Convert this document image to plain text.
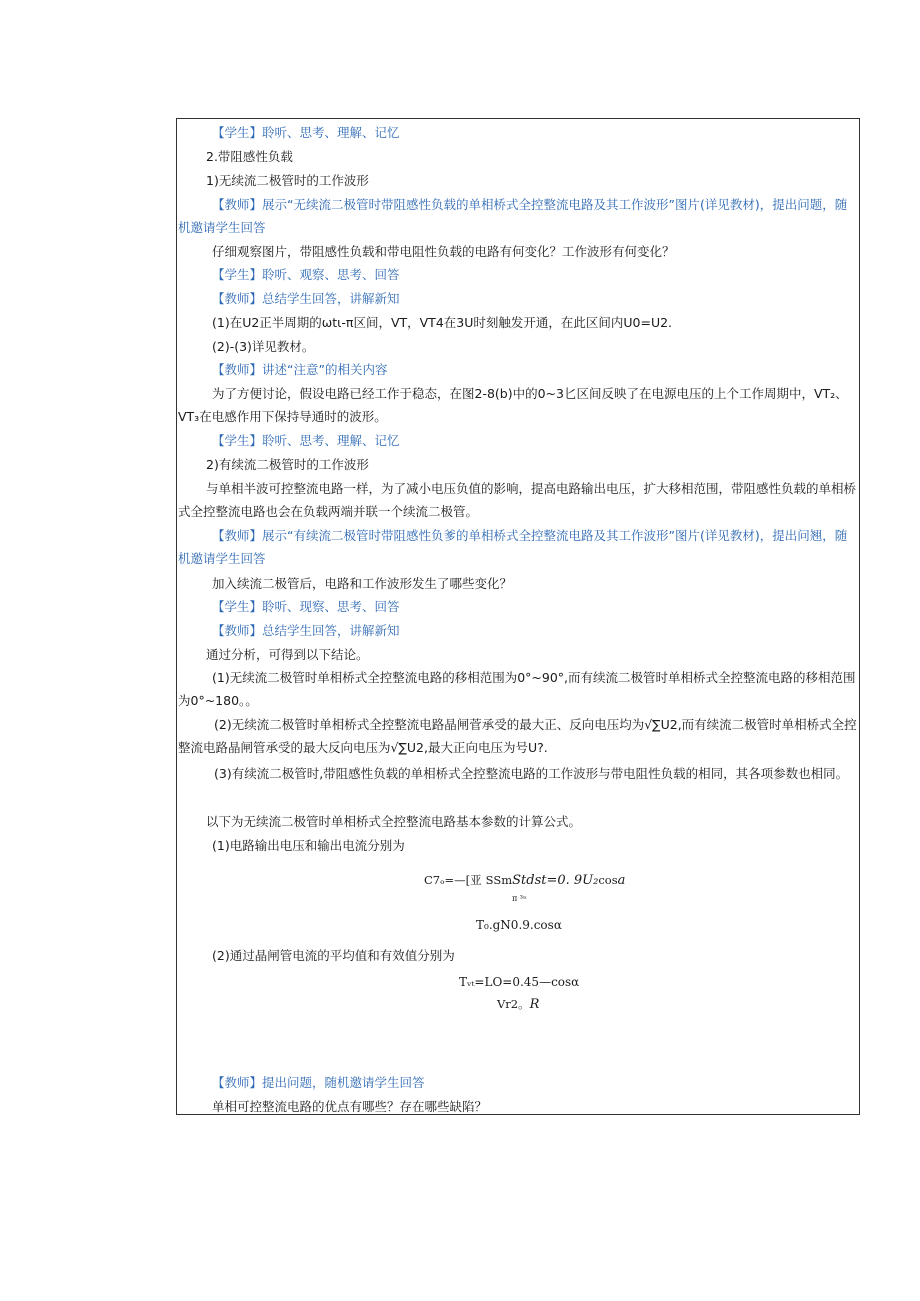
【学生】聆听、思考、理解、记忆
2.带阻感性负载
1)无续流二极管时的工作波形
【教师】展示“无续流二极管时带阻感性负载的单相桥式全控整流电路及其工作波形”图片(详见教材)，提出问题，随机邀请学生回答
仔细观察图片，带阻感性负载和带电阻性负载的电路有何变化？工作波形有何变化？
【学生】聆听、观察、思考、回答
【教师】总结学生回答，讲解新知
(1)在U2正半周期的ωtι-π区间，VT，VT4在3U时刻触发开通，在此区间内U0=U2.
(2)-(3)详见教材。
【教师】讲述“注意”的相关内容
为了方便讨论，假设电路已经工作于稳态，在图2-8(b)中的0~3匕区间反映了在电源电压的上个工作周期中，VT₂、VT₃在电感作用下保持导通时的波形。
【学生】聆听、思考、理解、记忆
2)有续流二极管时的工作波形
与单相半波可控整流电路一样，为了减小电压负值的影响，提高电路输出电压，扩大移相范围，带阻感性负载的单相桥式全控整流电路也会在负载两端并联一个续流二极管。
【教师】展示“有续流二极管时带阻感性负爹的单相桥式全控整流电路及其工作波形”图片(详见教材)，提出问翘，随机邀请学生回答
加入续流二极管后，电路和工作波形发生了哪些变化？
【学生】聆听、现察、思考、回答
【教师】总结学生回答，讲解新知
通过分析，可得到以下结论。
(1)无续流二极管时单相桥式全控整流电路的移相范围为0°~90°,而有续流二极管时单相桥式全控整流电路的移相范围为0°~180。。
(2)无续流二极管时单相桥式全控整流电路晶闸菅承受的最大正、反向电压均为√∑U2,而有续流二极管时单相桥式全控整流电路晶闸管承受的最大反向电压为√∑U2,最大正向电压为号U?.
(3)有续流二极管时,带阻感性负载的单相桥式全控整流电路的工作波形与带电阻性负载的相同，其各项参数也相同。
以下为无续流二极管时单相桥式全控整流电路基本参数的计算公式。
(1)电路输出电压和输出电流分别为
C7ₒ=—[亚 SSmStdst=0. 9U₂cosa
π ³ᵃ
T₀.gN0.9.cosα
(2)通过晶闸管电流的平均值和有效值分别为
Tᵥₜ=LO=0.45—cosα
Vr2。R
【教师】提出问题，随机邀请学生回答
单相可控整流电路的优点有哪些？存在哪些缺陷？
